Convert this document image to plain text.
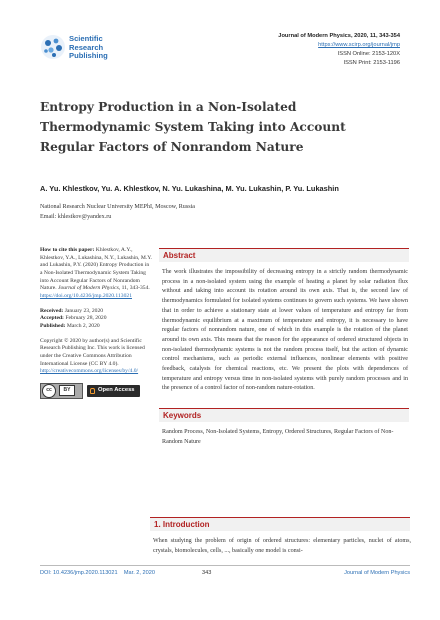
Scientific
Research
Publishing
Journal of Modern Physics, 2020, 11, 343-354
https://www.scirp.org/journal/jmp
ISSN Online: 2153-120X
ISSN Print: 2153-1196
Entropy Production in a Non-Isolated
Thermodynamic System Taking into Account
Regular Factors of Nonrandom Nature
A. Yu. Khlestkov, Yu. A. Khlestkov, N. Yu. Lukashina, M. Yu. Lukashin, P. Yu. Lukashin
National Research Nuclear University MEPhI, Moscow, Russia
Email: khlestkov@yandex.ru

How to cite this paper: Khlestkov, A.Y., Khlestkov, Y.A., Lukashina, N.Y., Lukashin, M.Y. and Lukashin, P.Y. (2020) Entropy Production in a Non-Isolated Thermodynamic System Taking into Account Regular Factors of Nonrandom Nature. Journal of Modern Physics, 11, 343-354. https://doi.org/10.4236/jmp.2020.113021

Received: January 23, 2020
Accepted: February 28, 2020
Published: March 2, 2020

Copyright © 2020 by author(s) and Scientific Research Publishing Inc. This work is licensed under the Creative Commons Attribution International License (CC BY 4.0).
http://creativecommons.org/licenses/by/4.0/

cc	BY	Open Access
Abstract
The work illustrates the impossibility of decreasing entropy in a strictly random thermodynamic process in a non-isolated system using the example of heating a planet by solar radiation flux without and taking into account its rotation around its own axis. That is, the second law of thermodynamics formulated for isolated systems continues to govern such systems. We have shown that in order to achieve a stationary state at lower values of temperature and entropy far from thermodynamic equilibrium at a maximum of temperature and entropy, it is necessary to have regular factors of nonrandom nature, one of which in this example is the rotation of the planet around its own axis. This means that the reason for the appearance of ordered structured objects in non-isolated thermodynamic systems is not the random process itself, but the action of dynamic control mechanisms, such as periodic external influences, nonlinear elements with positive feedback, catalysts for chemical reactions, etc. We present the plots with dependences of temperature and entropy versus time in non-isolated systems with purely random processes and in the presence of a control factor of non-random nature-rotation.
Keywords
Random Process, Non-Isolated Systems, Entropy, Ordered Structures, Regular Factors of Non-Random Nature
1. Introduction
When studying the problem of origin of ordered structures: elementary particles, nuclei of atoms, crystals, biomolecules, cells, ..., basically one model is consi-
DOI: 10.4236/jmp.2020.113021 Mar. 2, 2020	343	Journal of Modern Physics
